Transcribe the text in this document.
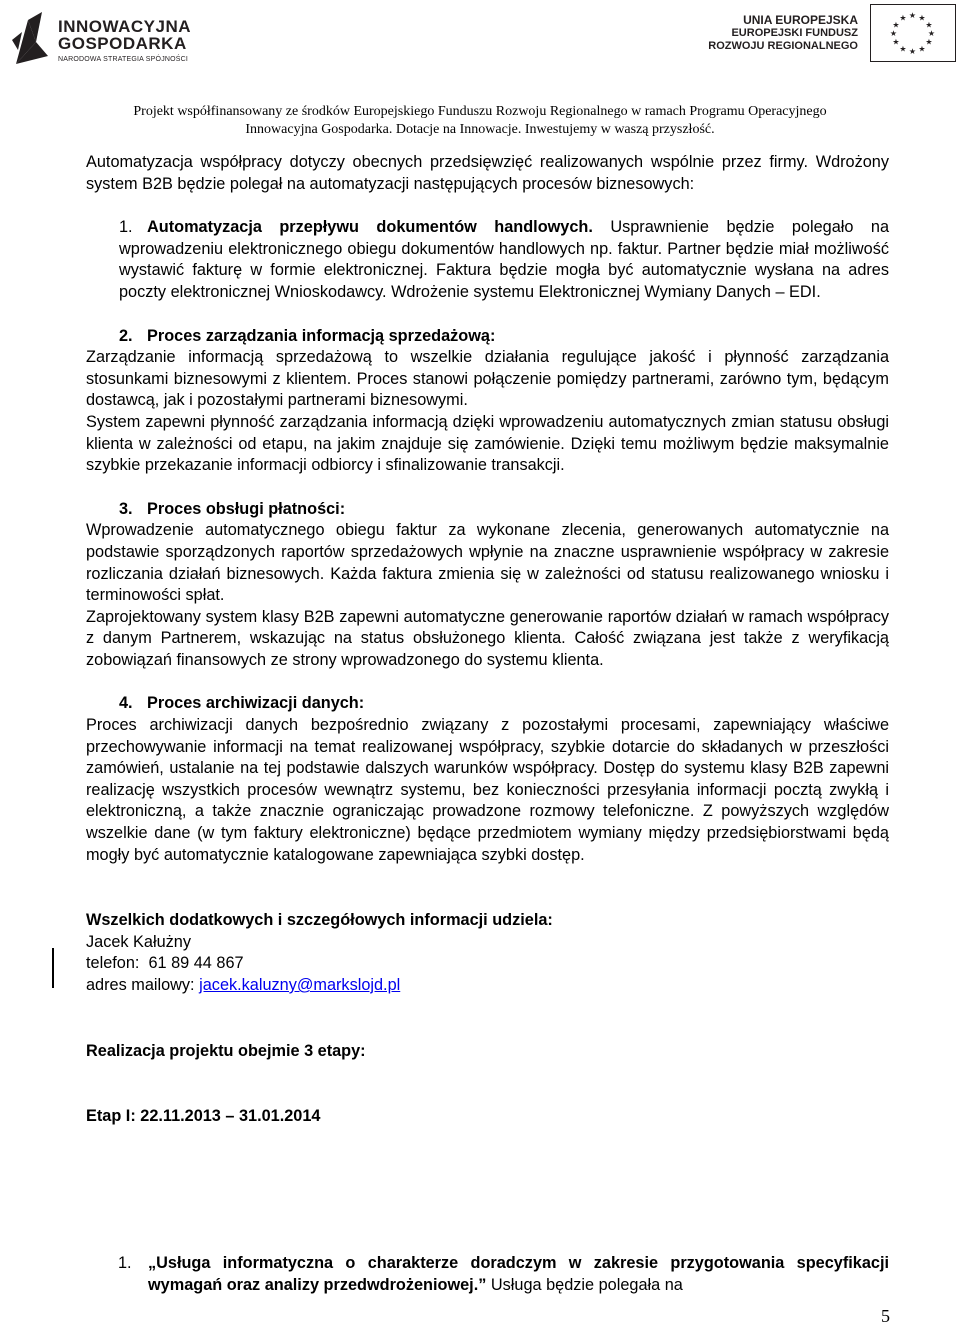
INNOWACYJNA
GOSPODARKA
NARODOWA STRATEGIA SPÓJNOŚCI
UNIA EUROPEJSKA
EUROPEJSKI FUNDUSZ
ROZWOJU REGIONALNEGO
★ ★
★
★
★
★
★
★
★
★
★
★
Projekt współfinansowany ze środków Europejskiego Funduszu Rozwoju Regionalnego w ramach Programu Operacyjnego
Innowacyjna Gospodarka. Dotacje na Innowacje. Inwestujemy w waszą przyszłość.

Automatyzacja współpracy dotyczy obecnych przedsięwzięć realizowanych wspólnie przez firmy. Wdrożony system B2B będzie polegał na automatyzacji następujących procesów biznesowych:

1. Automatyzacja przepływu dokumentów handlowych. Usprawnienie będzie polegało na wprowadzeniu elektronicznego obiegu dokumentów handlowych np. faktur. Partner będzie miał możliwość wystawić fakturę w formie elektronicznej. Faktura będzie mogła być automatycznie wysłana na adres poczty elektronicznej Wnioskodawcy. Wdrożenie systemu Elektronicznej Wymiany Danych – EDI.

2. Proces zarządzania informacją sprzedażową:

Zarządzanie informacją sprzedażową to wszelkie działania regulujące jakość i płynność zarządzania stosunkami biznesowymi z klientem. Proces stanowi połączenie pomiędzy partnerami, zarówno tym, będącym dostawcą, jak i pozostałymi partnerami biznesowymi.

System zapewni płynność zarządzania informacją dzięki wprowadzeniu automatycznych zmian statusu obsługi klienta w zależności od etapu, na jakim znajduje się zamówienie. Dzięki temu możliwym będzie maksymalnie szybkie przekazanie informacji odbiorcy i sfinalizowanie transakcji.

3. Proces obsługi płatności:

Wprowadzenie automatycznego obiegu faktur za wykonane zlecenia, generowanych automatycznie na podstawie sporządzonych raportów sprzedażowych wpłynie na znaczne usprawnienie współpracy w zakresie rozliczania działań biznesowych. Każda faktura zmienia się w zależności od statusu realizowanego wniosku i terminowości spłat.

Zaprojektowany system klasy B2B zapewni automatyczne generowanie raportów działań w ramach współpracy z danym Partnerem, wskazując na status obsłużonego klienta. Całość związana jest także z weryfikacją zobowiązań finansowych ze strony wprowadzonego do systemu klienta.

4. Proces archiwizacji danych:

Proces archiwizacji danych bezpośrednio związany z pozostałymi procesami, zapewniający właściwe przechowywanie informacji na temat realizowanej współpracy, szybkie dotarcie do składanych w przeszłości zamówień, ustalanie na tej podstawie dalszych warunków współpracy. Dostęp do systemu klasy B2B zapewni realizację wszystkich procesów wewnątrz systemu, bez konieczności przesyłania informacji pocztą zwykłą i elektroniczną, a także znacznie ograniczając prowadzone rozmowy telefoniczne. Z powyższych względów wszelkie dane (w tym faktury elektroniczne) będące przedmiotem wymiany między przedsiębiorstwami będą mogły być automatycznie katalogowane zapewniająca szybki dostęp.

Wszelkich dodatkowych i szczegółowych informacji udziela:

Jacek Kałużny

telefon: 61 89 44 867

adres mailowy: jacek.kaluzny@markslojd.pl

Realizacja projektu obejmie 3 etapy:

Etap I: 22.11.2013 – 31.01.2014

1. „Usługa informatyczna o charakterze doradczym w zakresie przygotowania specyfikacji wymagań oraz analizy przedwdrożeniowej.” Usługa będzie polegała na
5
